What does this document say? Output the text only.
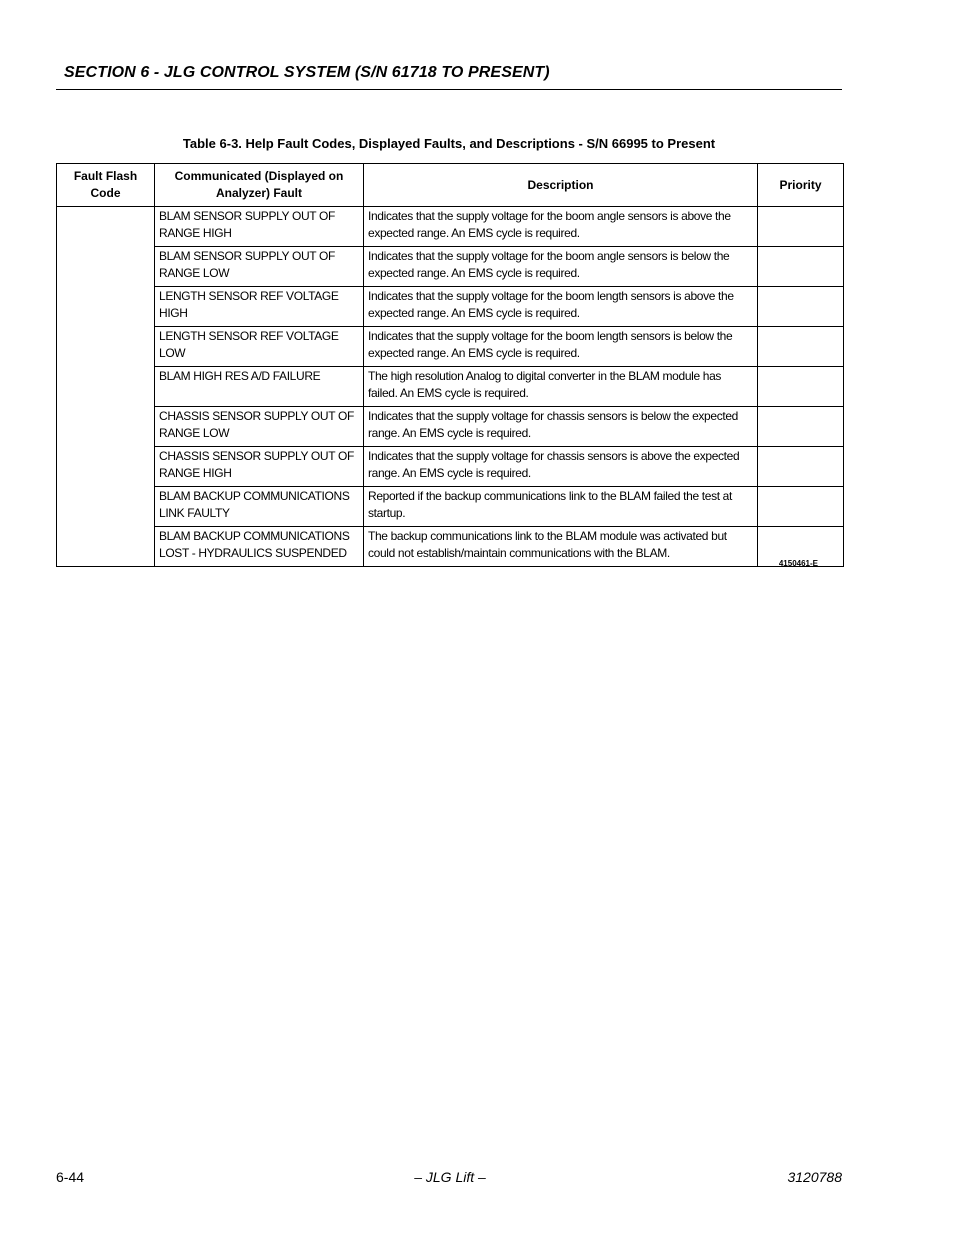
SECTION 6 - JLG CONTROL SYSTEM (S/N 61718 TO PRESENT)
Table 6-3. Help Fault Codes, Displayed Faults, and Descriptions - S/N 66995 to Present
Fault Flash Code	Communicated (Displayed on Analyzer) Fault	Description	Priority
	BLAM SENSOR SUPPLY OUT OF RANGE HIGH	Indicates that the supply voltage for the boom angle sensors is above the expected range. An EMS cycle is required.	
	BLAM SENSOR SUPPLY OUT OF RANGE LOW	Indicates that the supply voltage for the boom angle sensors is below the expected range. An EMS cycle is required.	
	LENGTH SENSOR REF VOLTAGE HIGH	Indicates that the supply voltage for the boom length sensors is above the expected range. An EMS cycle is required.	
	LENGTH SENSOR REF VOLTAGE LOW	Indicates that the supply voltage for the boom length sensors is below the expected range. An EMS cycle is required.	
	BLAM HIGH RES A/D FAILURE	The high resolution Analog to digital converter in the BLAM module has failed. An EMS cycle is required.	
	CHASSIS SENSOR SUPPLY OUT OF RANGE LOW	Indicates that the supply voltage for chassis sensors is below the expected range. An EMS cycle is required.	
	CHASSIS SENSOR SUPPLY OUT OF RANGE HIGH	Indicates that the supply voltage for chassis sensors is above the expected range. An EMS cycle is required.	
	BLAM BACKUP COMMUNICATIONS LINK FAULTY	Reported if the backup communications link to the BLAM failed the test at startup.	
	BLAM BACKUP COMMUNICATIONS LOST - HYDRAULICS SUSPENDED	The backup communications link to the BLAM module was activated but could not establish/maintain communications with the BLAM.	
4150461-E
6-44	– JLG Lift –	3120788
